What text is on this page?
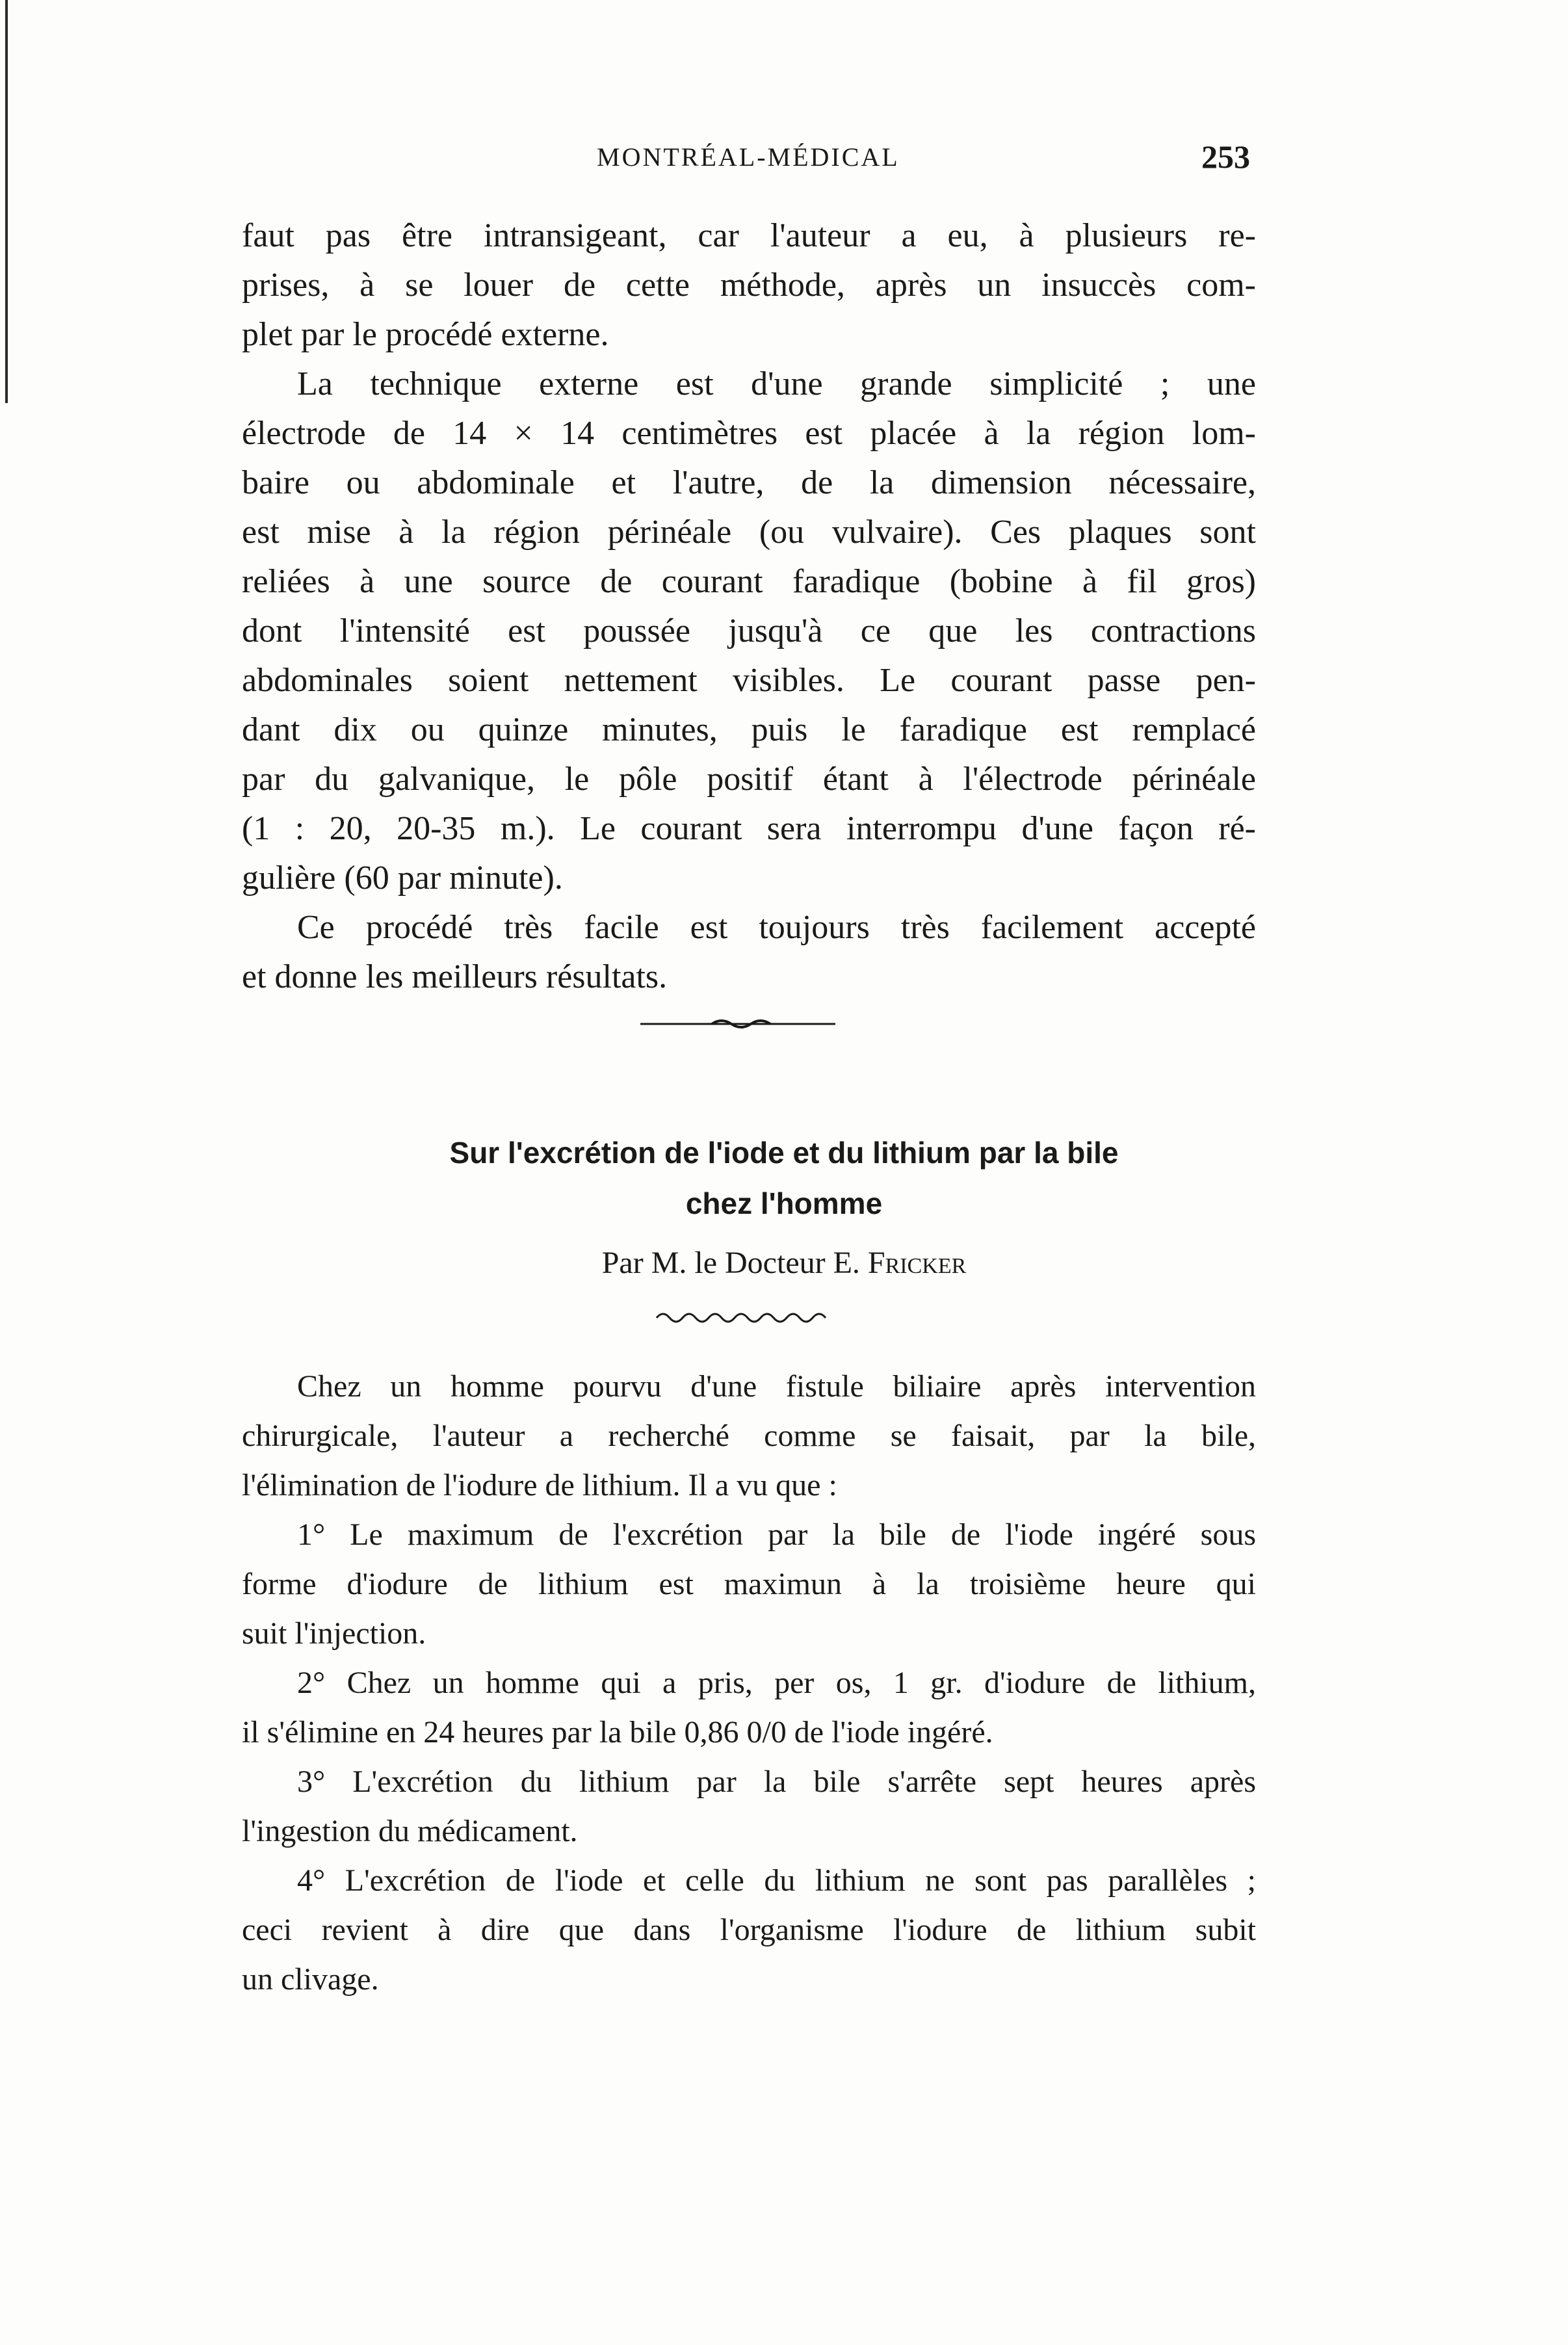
MONTRÉAL-MÉDICAL	253
faut pas être intransigeant, car l'auteur a eu, à plusieurs re-
prises, à se louer de cette méthode, après un insuccès com-
plet par le procédé externe.
La technique externe est d'une grande simplicité ; une
électrode de 14 × 14 centimètres est placée à la région lom-
baire ou abdominale et l'autre, de la dimension nécessaire,
est mise à la région périnéale (ou vulvaire). Ces plaques sont
reliées à une source de courant faradique (bobine à fil gros)
dont l'intensité est poussée jusqu'à ce que les contractions
abdominales soient nettement visibles. Le courant passe pen-
dant dix ou quinze minutes, puis le faradique est remplacé
par du galvanique, le pôle positif étant à l'électrode périnéale
(1 : 20, 20-35 m.). Le courant sera interrompu d'une façon ré-
gulière (60 par minute).
Ce procédé très facile est toujours très facilement accepté
et donne les meilleurs résultats.
Sur l'excrétion de l'iode et du lithium par la bile
chez l'homme
Par M. le Docteur E. Fricker
Chez un homme pourvu d'une fistule biliaire après intervention
chirurgicale, l'auteur a recherché comme se faisait, par la bile,
l'élimination de l'iodure de lithium. Il a vu que :
1° Le maximum de l'excrétion par la bile de l'iode ingéré sous
forme d'iodure de lithium est maximun à la troisième heure qui
suit l'injection.
2° Chez un homme qui a pris, per os, 1 gr. d'iodure de lithium,
il s'élimine en 24 heures par la bile 0,86 0/0 de l'iode ingéré.
3° L'excrétion du lithium par la bile s'arrête sept heures après
l'ingestion du médicament.
4° L'excrétion de l'iode et celle du lithium ne sont pas parallèles ;
ceci revient à dire que dans l'organisme l'iodure de lithium subit
un clivage.
